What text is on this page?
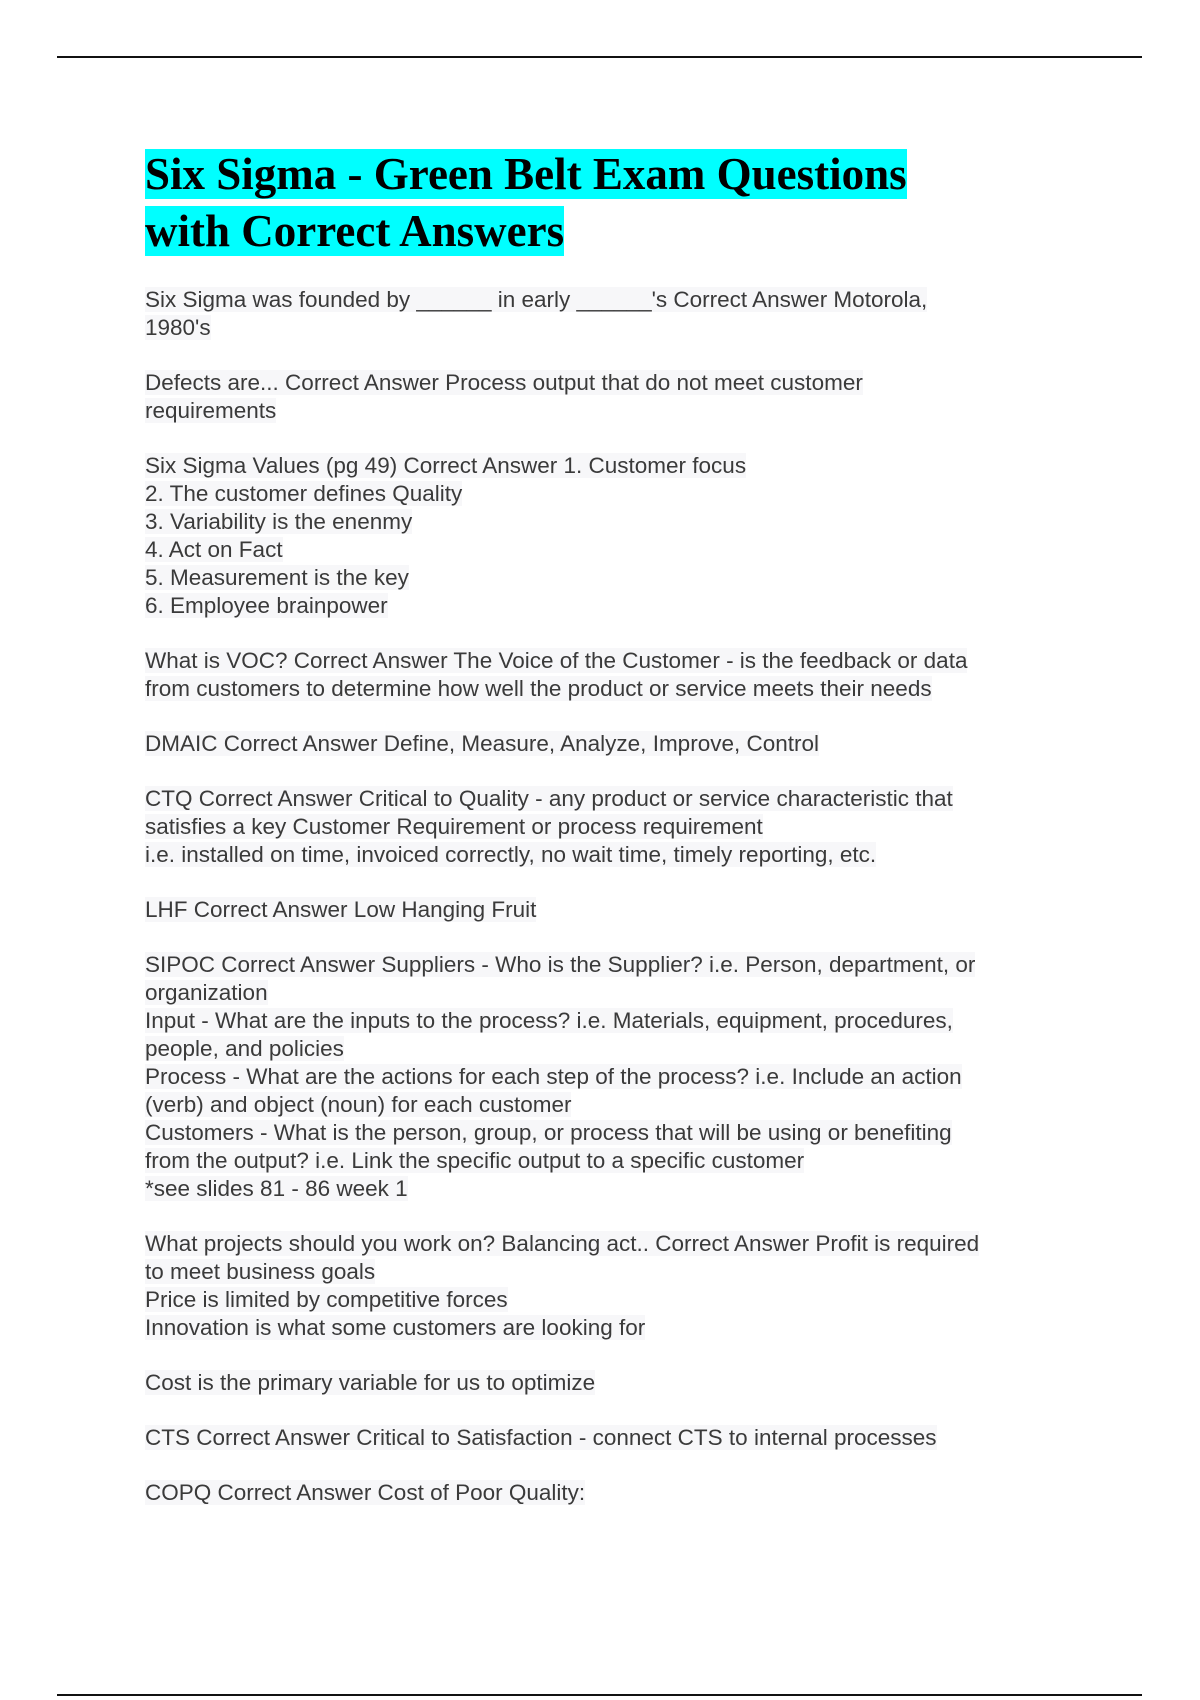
Six Sigma - Green Belt Exam Questions
with Correct Answers
Six Sigma was founded by ______ in early ______'s Correct Answer Motorola,
1980's
Defects are... Correct Answer Process output that do not meet customer
requirements
Six Sigma Values (pg 49) Correct Answer 1. Customer focus
2. The customer defines Quality
3. Variability is the enenmy
4. Act on Fact
5. Measurement is the key
6. Employee brainpower
What is VOC? Correct Answer The Voice of the Customer - is the feedback or data
from customers to determine how well the product or service meets their needs
DMAIC Correct Answer Define, Measure, Analyze, Improve, Control
CTQ Correct Answer Critical to Quality - any product or service characteristic that
satisfies a key Customer Requirement or process requirement
i.e. installed on time, invoiced correctly, no wait time, timely reporting, etc.
LHF Correct Answer Low Hanging Fruit
SIPOC Correct Answer Suppliers - Who is the Supplier? i.e. Person, department, or
organization
Input - What are the inputs to the process? i.e. Materials, equipment, procedures,
people, and policies
Process - What are the actions for each step of the process? i.e. Include an action
(verb) and object (noun) for each customer
Customers - What is the person, group, or process that will be using or benefiting
from the output? i.e. Link the specific output to a specific customer
*see slides 81 - 86 week 1
What projects should you work on? Balancing act.. Correct Answer Profit is required
to meet business goals
Price is limited by competitive forces
Innovation is what some customers are looking for
Cost is the primary variable for us to optimize
CTS Correct Answer Critical to Satisfaction - connect CTS to internal processes
COPQ Correct Answer Cost of Poor Quality:
